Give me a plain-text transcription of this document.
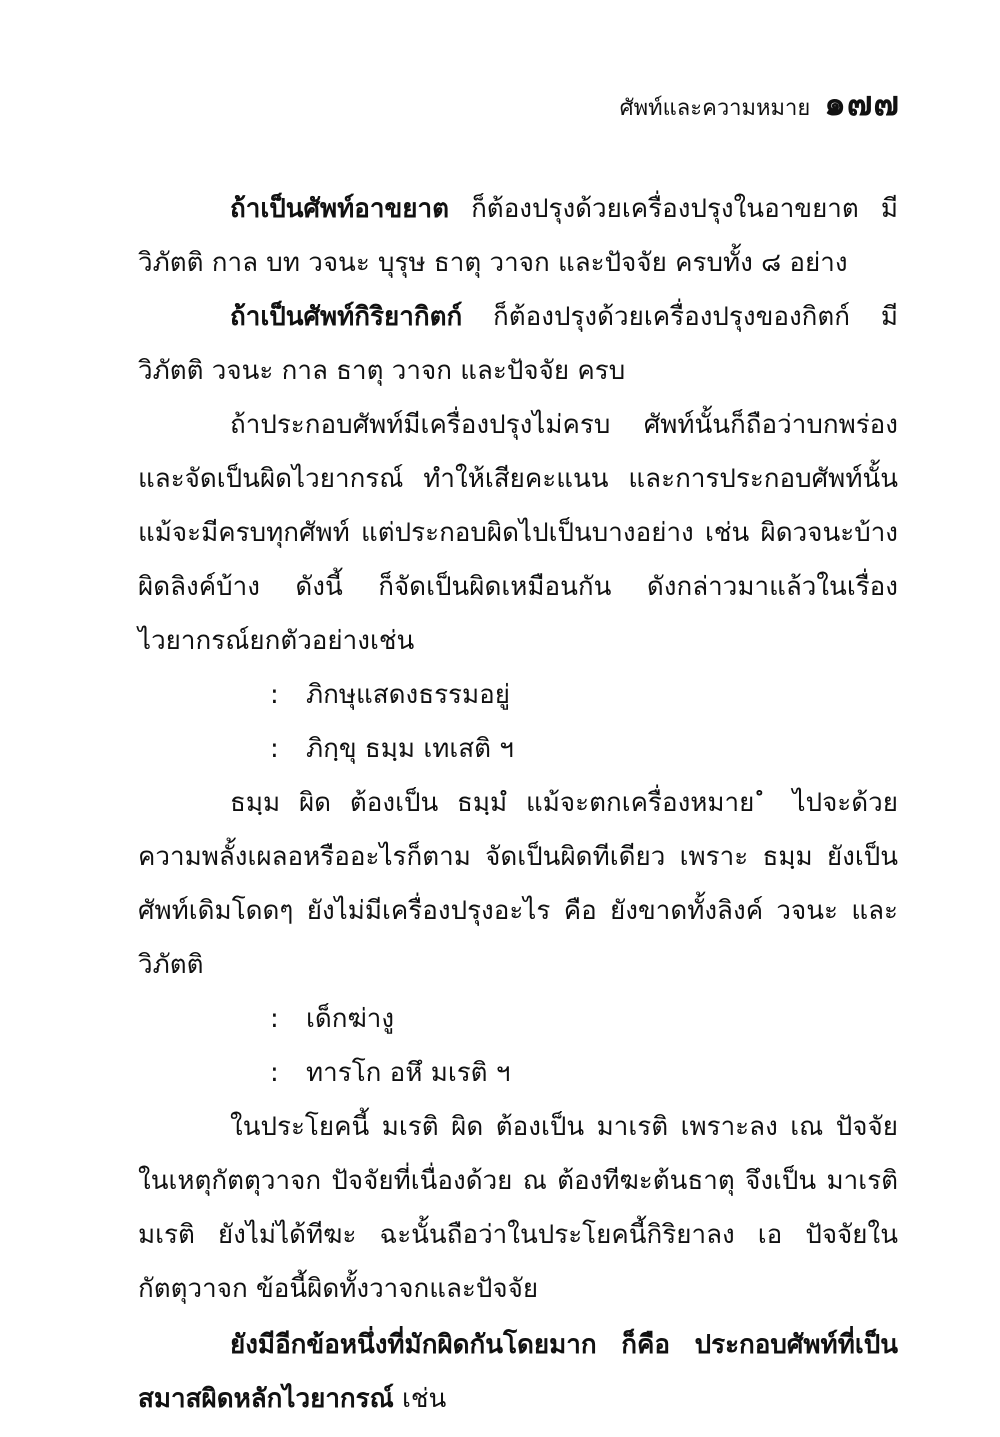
ศัพท์และความหมาย ๑๗๗

ถ้าเป็นศัพท์อาขยาต ก็ต้องปรุงด้วยเครื่องปรุงในอาขยาต มีวิภัตติ กาล บท วจนะ บุรุษ ธาตุ วาจก และปัจจัย ครบทั้ง ๘ อย่าง

ถ้าเป็นศัพท์กิริยากิตก์ ก็ต้องปรุงด้วยเครื่องปรุงของกิตก์ มีวิภัตติ วจนะ กาล ธาตุ วาจก และปัจจัย ครบ

ถ้าประกอบศัพท์มีเครื่องปรุงไม่ครบ ศัพท์นั้นก็ถือว่าบกพร่องและจัดเป็นผิดไวยากรณ์ ทำให้เสียคะแนน และการประกอบศัพท์นั้นแม้จะมีครบทุกศัพท์ แต่ประกอบผิดไปเป็นบางอย่าง เช่น ผิดวจนะบ้าง ผิดลิงค์บ้าง ดังนี้ ก็จัดเป็นผิดเหมือนกัน ดังกล่าวมาแล้วในเรื่องไวยากรณ์ยกตัวอย่างเช่น

: ภิกษุแสดงธรรมอยู่

: ภิกฺขุ ธมฺม เทเสติ ฯ

ธมฺม ผิด ต้องเป็น ธมฺมํ แม้จะตกเครื่องหมาย ํ ไปจะด้วยความพลั้งเผลอหรืออะไรก็ตาม จัดเป็นผิดทีเดียว เพราะ ธมฺม ยังเป็นศัพท์เดิมโดดๆ ยังไม่มีเครื่องปรุงอะไร คือ ยังขาดทั้งลิงค์ วจนะ และวิภัตติ

: เด็กฆ่างู

: ทารโก อหึ มเรติ ฯ

ในประโยคนี้ มเรติ ผิด ต้องเป็น มาเรติ เพราะลง เณ ปัจจัยในเหตุกัตตุวาจก ปัจจัยที่เนื่องด้วย ณ ต้องทีฆะต้นธาตุ จึงเป็น มาเรติ มเรติ ยังไม่ได้ทีฆะ ฉะนั้นถือว่าในประโยคนี้กิริยาลง เอ ปัจจัยในกัตตุวาจก ข้อนี้ผิดทั้งวาจกและปัจจัย

ยังมีอีกข้อหนึ่งที่มักผิดกันโดยมาก ก็คือ ประกอบศัพท์ที่เป็นสมาสผิดหลักไวยากรณ์ เช่น
